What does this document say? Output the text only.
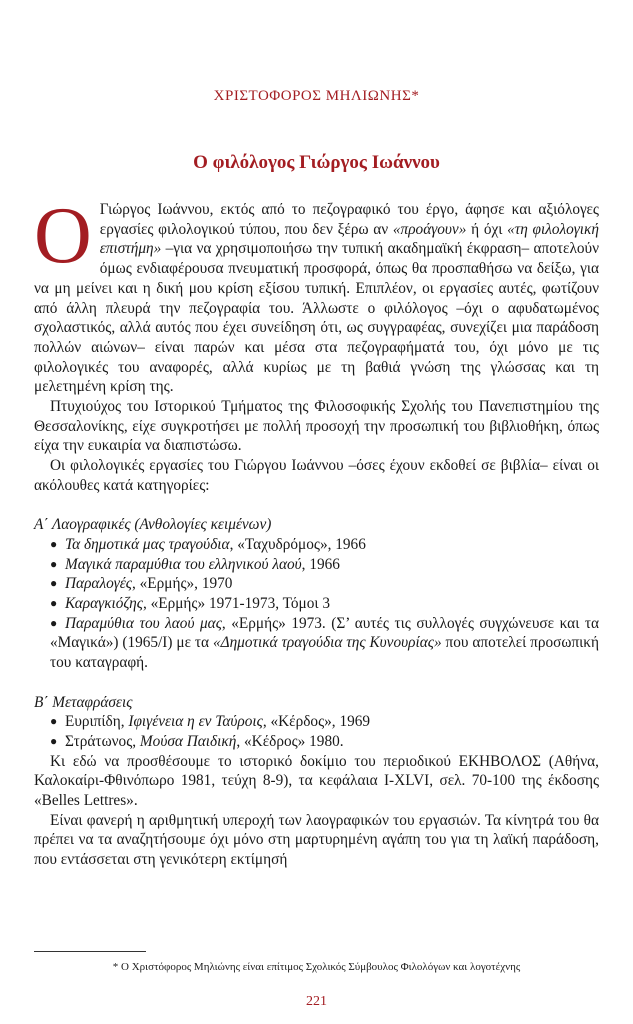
ΧΡΙΣΤΟΦΟΡΟΣ ΜΗΛΙΩΝΗΣ*
Ο φιλόλογος Γιώργος Ιωάννου

Ο Γιώργος Ιωάννου, εκτός από το πεζογραφικό του έργο, άφησε και αξιόλογες εργασίες φιλολογικού τύπου, που δεν ξέρω αν «προάγουν» ή όχι «τη φιλολογική επιστήμη» –για να χρησιμοποιήσω την τυπική ακαδημαϊκή έκφραση– αποτελούν όμως ενδιαφέρουσα πνευματική προσφορά, όπως θα προσπαθήσω να δείξω, για να μη μείνει και η δική μου κρίση εξίσου τυπική. Επιπλέον, οι εργασίες αυτές, φωτίζουν από άλλη πλευρά την πεζογραφία του. Άλλωστε ο φιλόλογος –όχι ο αφυδατωμένος σχολαστικός, αλλά αυτός που έχει συνείδηση ότι, ως συγγραφέας, συνεχίζει μια παράδοση πολλών αιώνων– είναι παρών και μέσα στα πεζογραφήματά του, όχι μόνο με τις φιλολογικές του αναφορές, αλλά κυρίως με τη βαθιά γνώση της γλώσσας και τη μελετημένη κρίση της.

Πτυχιούχος του Ιστορικού Τμήματος της Φιλοσοφικής Σχολής του Πανεπιστημίου της Θεσσαλονίκης, είχε συγκροτήσει με πολλή προσοχή την προσωπική του βιβλιοθήκη, όπως είχα την ευκαιρία να διαπιστώσω.

Οι φιλολογικές εργασίες του Γιώργου Ιωάννου –όσες έχουν εκδοθεί σε βιβλία– είναι οι ακόλουθες κατά κατηγορίες:

Α΄ Λαογραφικές (Ανθολογίες κειμένων)

● Τα δημοτικά μας τραγούδια, «Ταχυδρόμος», 1966
● Μαγικά παραμύθια του ελληνικού λαού, 1966
● Παραλογές, «Ερμής», 1970
● Καραγκιόζης, «Ερμής» 1971-1973, Τόμοι 3

● Παραμύθια του λαού μας, «Ερμής» 1973. (Σ’ αυτές τις συλλογές συγχώνευσε και τα «Μαγικά») (1965/Ι) με τα «Δημοτικά τραγούδια της Κυνουρίας» που αποτελεί προσωπική του καταγραφή.

Β΄ Μεταφράσεις

● Ευριπίδη, Ιφιγένεια η εν Ταύροις, «Κέρδος», 1969
● Στράτωνος, Μούσα Παιδική, «Κέδρος» 1980.

Κι εδώ να προσθέσουμε το ιστορικό δοκίμιο του περιοδικού ΕΚΗΒΟΛΟΣ (Αθήνα, Καλοκαίρι-Φθινόπωρο 1981, τεύχη 8-9), τα κεφάλαια Ι-XLVI, σελ. 70-100 της έκδοσης «Belles Lettres».

Είναι φανερή η αριθμητική υπεροχή των λαογραφικών του εργασιών. Τα κίνητρά του θα πρέπει να τα αναζητήσουμε όχι μόνο στη μαρτυρημένη αγάπη του για τη λαϊκή παράδοση, που εντάσσεται στη γενικότερη εκτίμησή

* Ο Χριστόφορος Μηλιώνης είναι επίτιμος Σχολικός Σύμβουλος Φιλολόγων και λογοτέχνης
221
